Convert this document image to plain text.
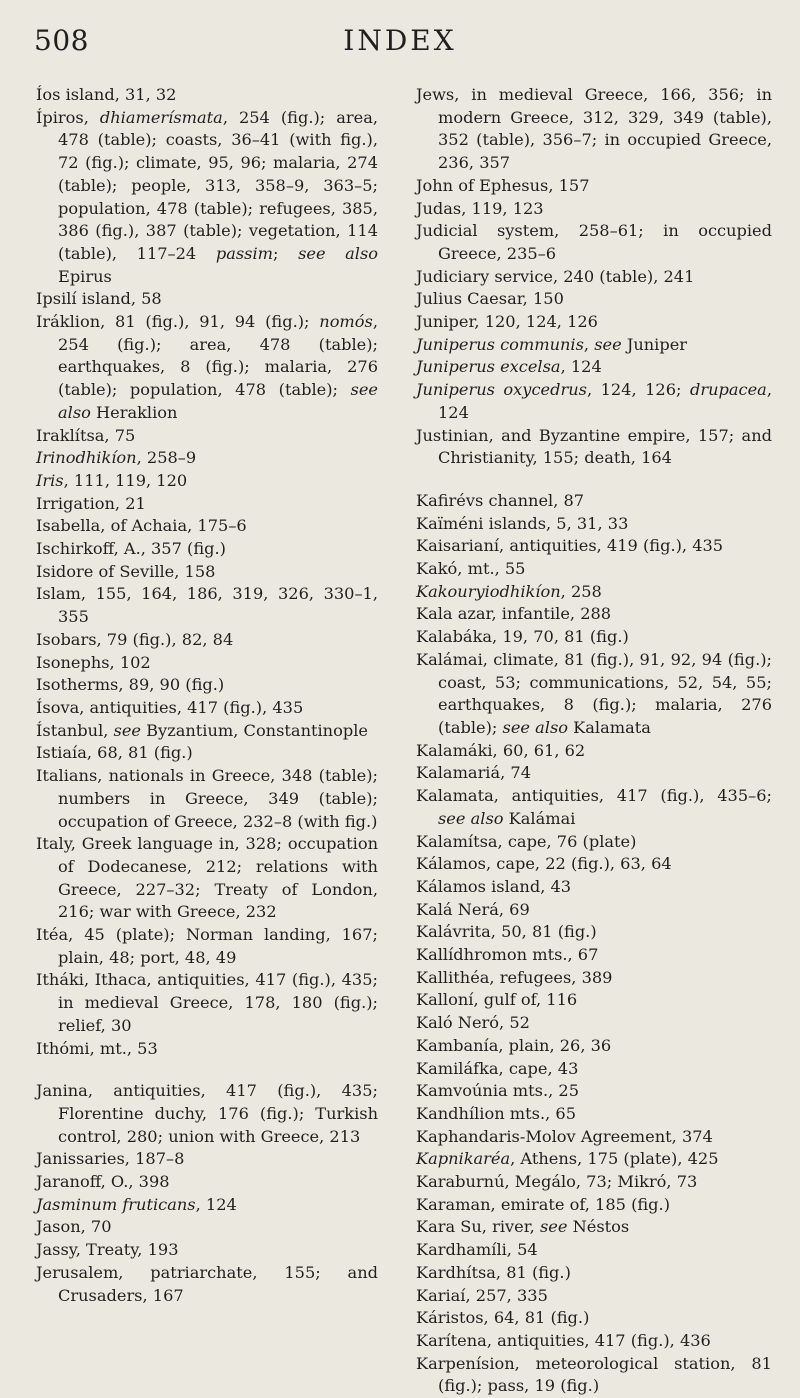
508	INDEX

Íos island, 31, 32

Ípiros, dhiamerísmata, 254 (fig.); area, 478 (table); coasts, 36–41 (with fig.), 72 (fig.); climate, 95, 96; malaria, 274 (table); people, 313, 358–9, 363–5; population, 478 (table); refugees, 385, 386 (fig.), 387 (table); vegetation, 114 (table), 117–24 passim; see also Epirus

Ipsilí island, 58

Iráklion, 81 (fig.), 91, 94 (fig.); nomós, 254 (fig.); area, 478 (table); earthquakes, 8 (fig.); malaria, 276 (table); population, 478 (table); see also Heraklion

Iraklítsa, 75

Irinodhikíon, 258–9

Iris, 111, 119, 120

Irrigation, 21

Isabella, of Achaia, 175–6

Ischirkoff, A., 357 (fig.)

Isidore of Seville, 158

Islam, 155, 164, 186, 319, 326, 330–1, 355

Isobars, 79 (fig.), 82, 84

Isonephs, 102

Isotherms, 89, 90 (fig.)

Ísova, antiquities, 417 (fig.), 435

Ístanbul, see Byzantium, Constantinople

Istiaía, 68, 81 (fig.)

Italians, nationals in Greece, 348 (table); numbers in Greece, 349 (table); occupation of Greece, 232–8 (with fig.)

Italy, Greek language in, 328; occupation of Dodecanese, 212; relations with Greece, 227–32; Treaty of London, 216; war with Greece, 232

Itéa, 45 (plate); Norman landing, 167; plain, 48; port, 48, 49

Itháki, Ithaca, antiquities, 417 (fig.), 435; in medieval Greece, 178, 180 (fig.); relief, 30

Ithómi, mt., 53

Janina, antiquities, 417 (fig.), 435; Florentine duchy, 176 (fig.); Turkish control, 280; union with Greece, 213

Janissaries, 187–8

Jaranoff, O., 398

Jasminum fruticans, 124

Jason, 70

Jassy, Treaty, 193

Jerusalem, patriarchate, 155; and Crusaders, 167

Jews, in medieval Greece, 166, 356; in modern Greece, 312, 329, 349 (table), 352 (table), 356–7; in occupied Greece, 236, 357

John of Ephesus, 157

Judas, 119, 123

Judicial system, 258–61; in occupied Greece, 235–6

Judiciary service, 240 (table), 241

Julius Caesar, 150

Juniper, 120, 124, 126

Juniperus communis, see Juniper

Juniperus excelsa, 124

Juniperus oxycedrus, 124, 126; drupacea, 124

Justinian, and Byzantine empire, 157; and Christianity, 155; death, 164

Kafirévs channel, 87

Kaïméni islands, 5, 31, 33

Kaisarianí, antiquities, 419 (fig.), 435

Kakó, mt., 55

Kakouryiodhikíon, 258

Kala azar, infantile, 288

Kalabáka, 19, 70, 81 (fig.)

Kalámai, climate, 81 (fig.), 91, 92, 94 (fig.); coast, 53; communications, 52, 54, 55; earthquakes, 8 (fig.); malaria, 276 (table); see also Kalamata

Kalamáki, 60, 61, 62

Kalamariá, 74

Kalamata, antiquities, 417 (fig.), 435–6; see also Kalámai

Kalamítsa, cape, 76 (plate)

Kálamos, cape, 22 (fig.), 63, 64

Kálamos island, 43

Kalá Nerá, 69

Kalávrita, 50, 81 (fig.)

Kallídhromon mts., 67

Kallithéa, refugees, 389

Kalloní, gulf of, 116

Kaló Neró, 52

Kambanía, plain, 26, 36

Kamiláfka, cape, 43

Kamvoúnia mts., 25

Kandhílion mts., 65

Kaphandaris-Molov Agreement, 374

Kapnikaréa, Athens, 175 (plate), 425

Karaburnú, Megálo, 73; Mikró, 73

Karaman, emirate of, 185 (fig.)

Kara Su, river, see Néstos

Kardhamíli, 54

Kardhítsa, 81 (fig.)

Kariaí, 257, 335

Káristos, 64, 81 (fig.)

Karítena, antiquities, 417 (fig.), 436

Karpenísion, meteorological station, 81 (fig.); pass, 19 (fig.)
